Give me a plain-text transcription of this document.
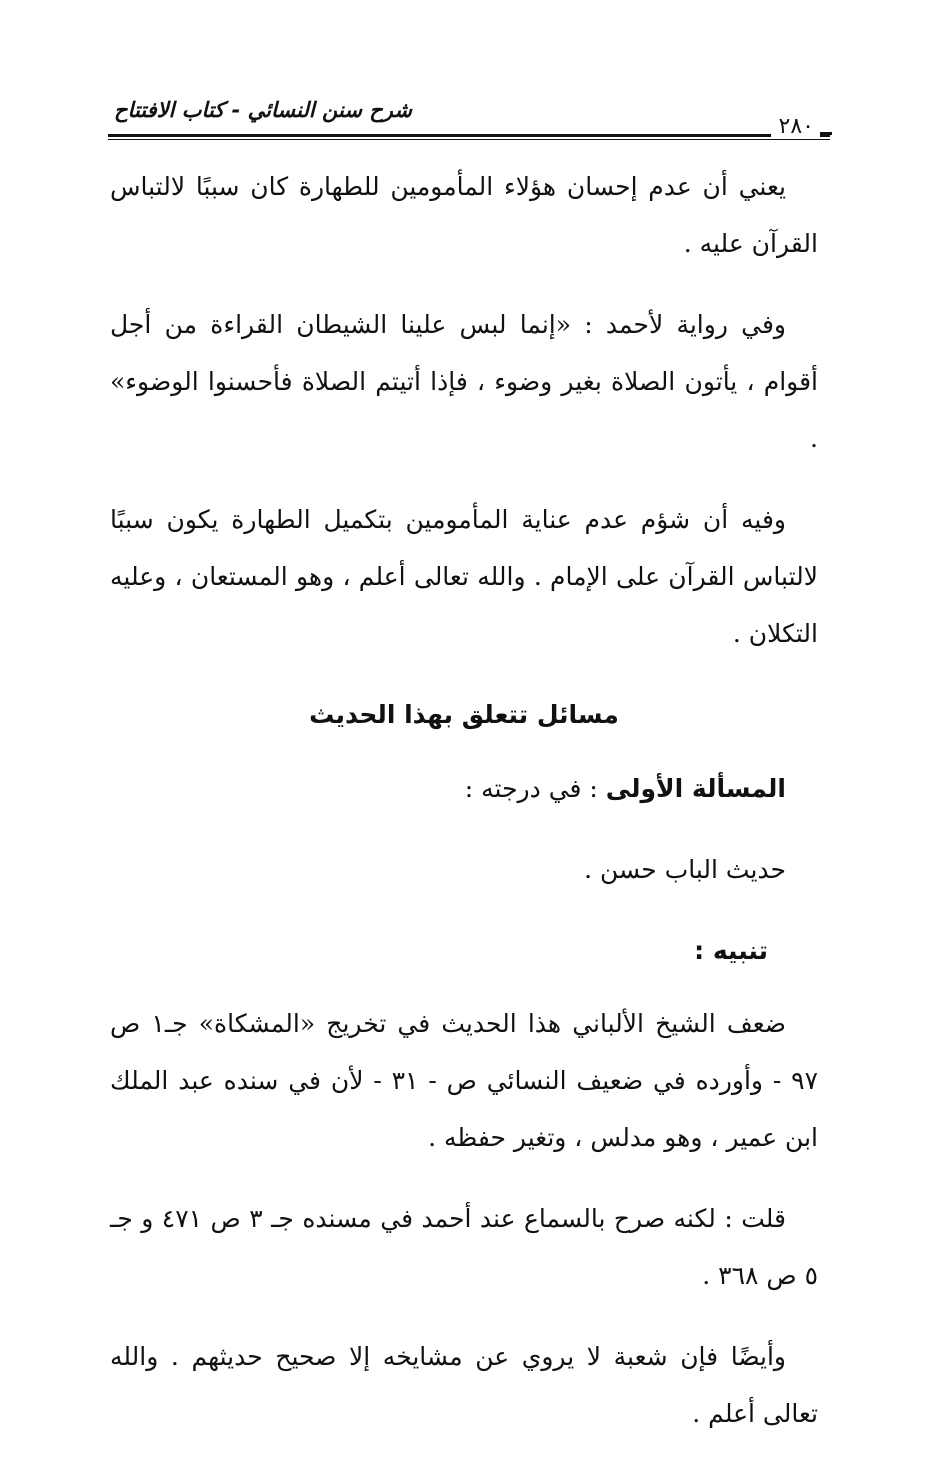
شرح سنن النسائي - كتاب الافتتاح
٢٨٠

يعني أن عدم إحسان هؤلاء المأمومين للطهارة كان سببًا لالتباس القرآن عليه .

وفي رواية لأحمد : «إنما لبس علينا الشيطان القراءة من أجل أقوام ، يأتون الصلاة بغير وضوء ، فإذا أتيتم الصلاة فأحسنوا الوضوء» .

وفيه أن شؤم عدم عناية المأمومين بتكميل الطهارة يكون سببًا لالتباس القرآن على الإمام . والله تعالى أعلم ، وهو المستعان ، وعليه التكلان .

مسائل تتعلق بهذا الحديث

المسألة الأولى : في درجته :

حديث الباب حسن .

تنبيه :

ضعف الشيخ الألباني هذا الحديث في تخريج «المشكاة» جـ١ ص ٩٧ - وأورده في ضعيف النسائي ص - ٣١ - لأن في سنده عبد الملك ابن عمير ، وهو مدلس ، وتغير حفظه .

قلت : لكنه صرح بالسماع عند أحمد في مسنده جـ ٣ ص ٤٧١ و جـ ٥ ص ٣٦٨ .

وأيضًا فإن شعبة لا يروي عن مشايخه إلا صحيح حديثهم . والله تعالى أعلم .
